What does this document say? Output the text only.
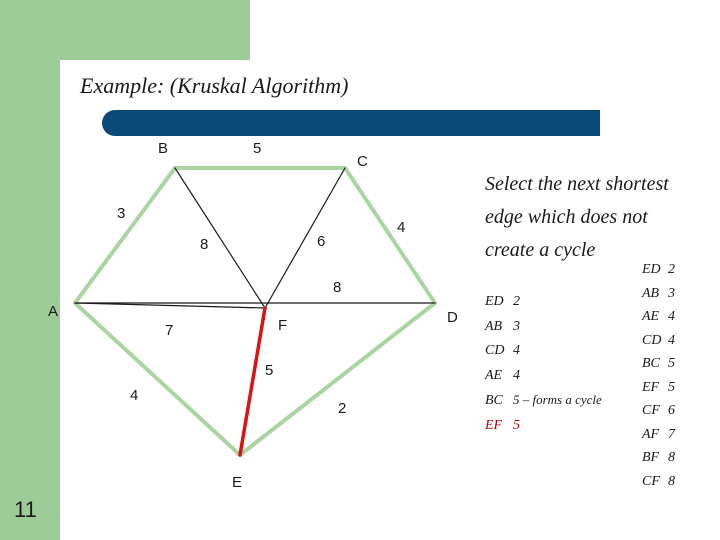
Example: (Kruskal Algorithm)
3
5
4
4
2
8	6
8
7
5
B
C
A	D
F
E
11
Select the next shortest
edge which does not
create a cycle
ED 2
AB 3
CD 4
AE 4
BC 5 – forms a cycle
EF 5
ED 2
AB 3
AE 4
CD 4
BC 5
EF 5
CF 6
AF 7
BF 8
CF 8
